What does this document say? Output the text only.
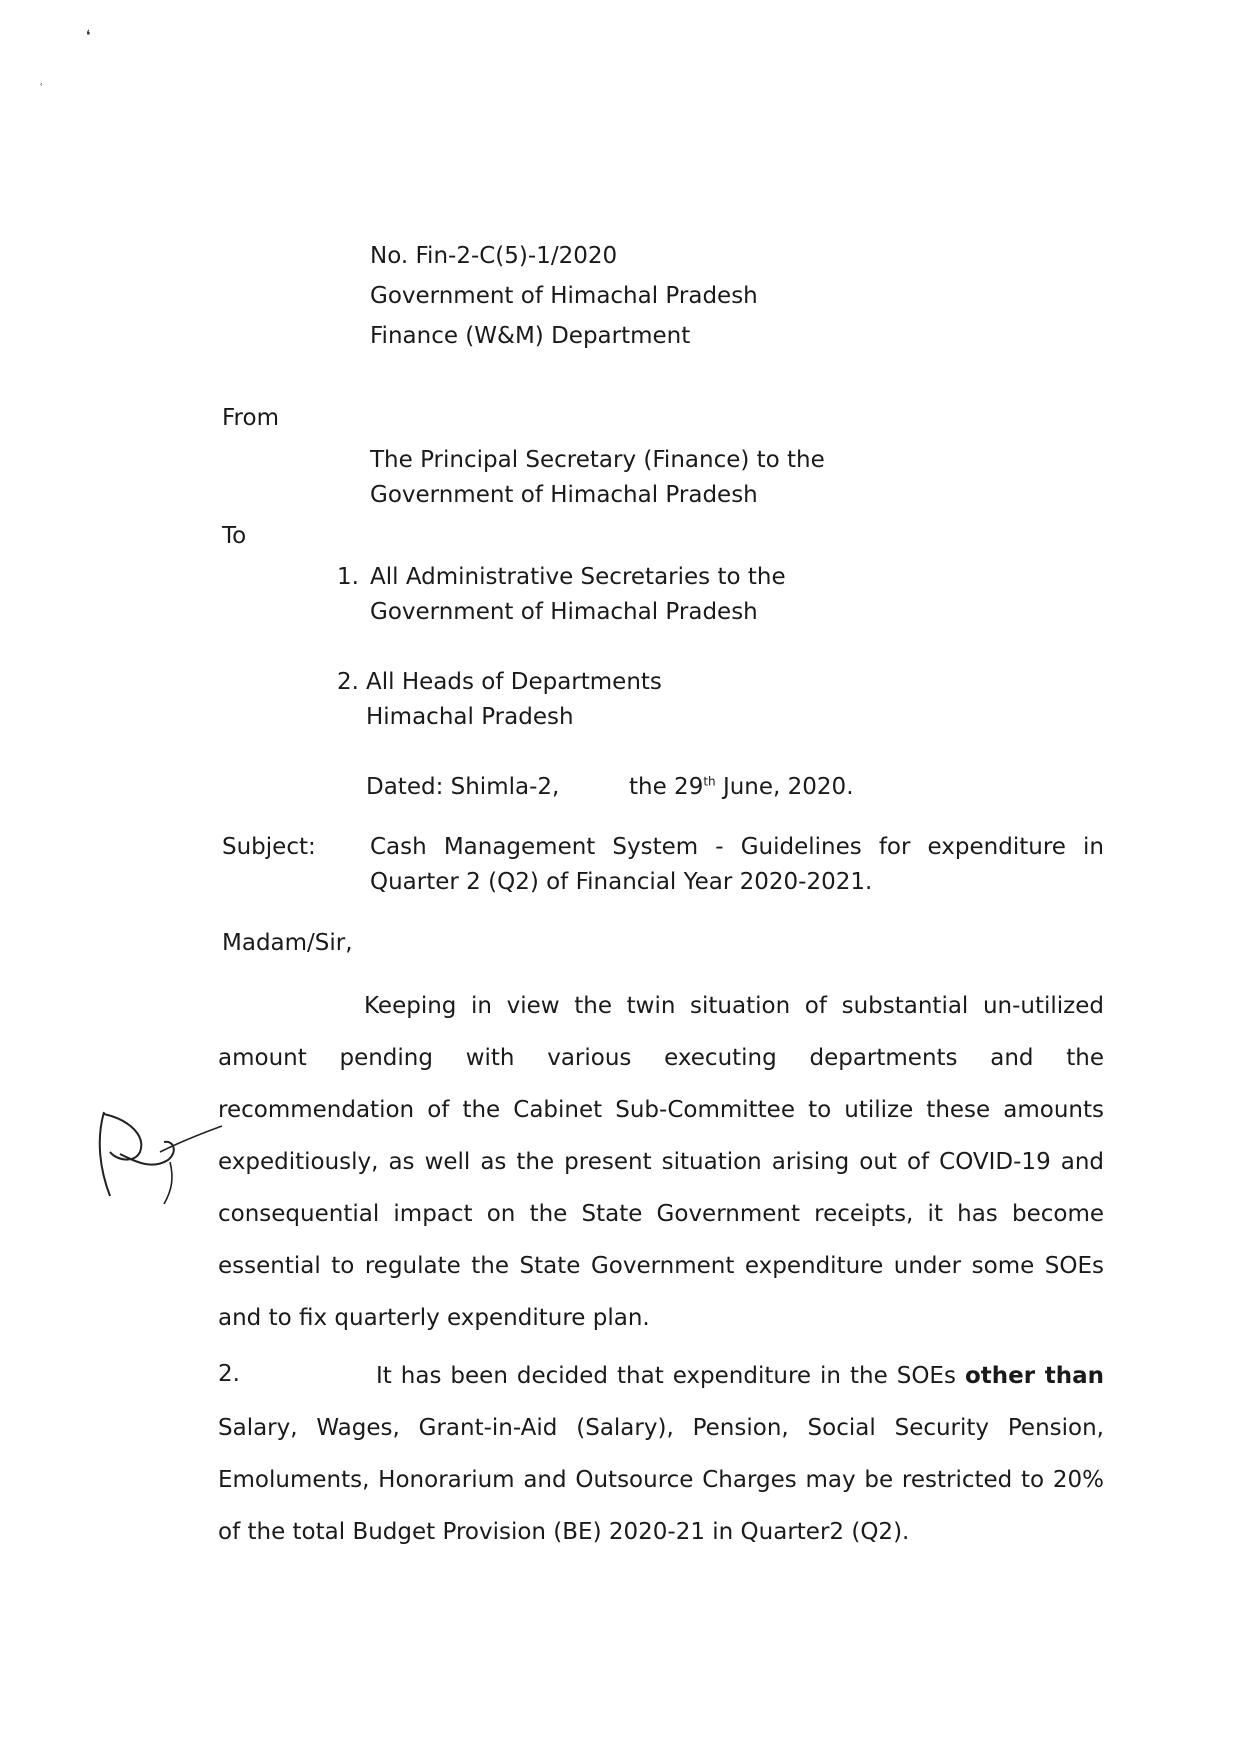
❛
˓
No. Fin-2-C(5)-1/2020
Government of Himachal Pradesh
Finance (W&M) Department
From
The Principal Secretary (Finance) to the
Government of Himachal Pradesh
To
1. All Administrative Secretaries to the
Government of Himachal Pradesh
2. All Heads of Departments
Himachal Pradesh
Dated: Shimla-2,	the 29th June, 2020.
Subject: Cash Management System - Guidelines for expenditure in
Quarter 2 (Q2) of Financial Year 2020-2021.
Madam/Sir,
Keeping in view the twin situation of substantial un-utilized amount pending with various executing departments and the recommendation of the Cabinet Sub-Committee to utilize these amounts expeditiously, as well as the present situation arising out of COVID-19 and consequential impact on the State Government receipts, it has become essential to regulate the State Government expenditure under some SOEs and to fix quarterly expenditure plan.
2.	It has been decided that expenditure in the SOEs other than Salary, Wages, Grant-in-Aid (Salary), Pension, Social Security Pension, Emoluments, Honorarium and Outsource Charges may be restricted to 20% of the total Budget Provision (BE) 2020-21 in Quarter2 (Q2).
